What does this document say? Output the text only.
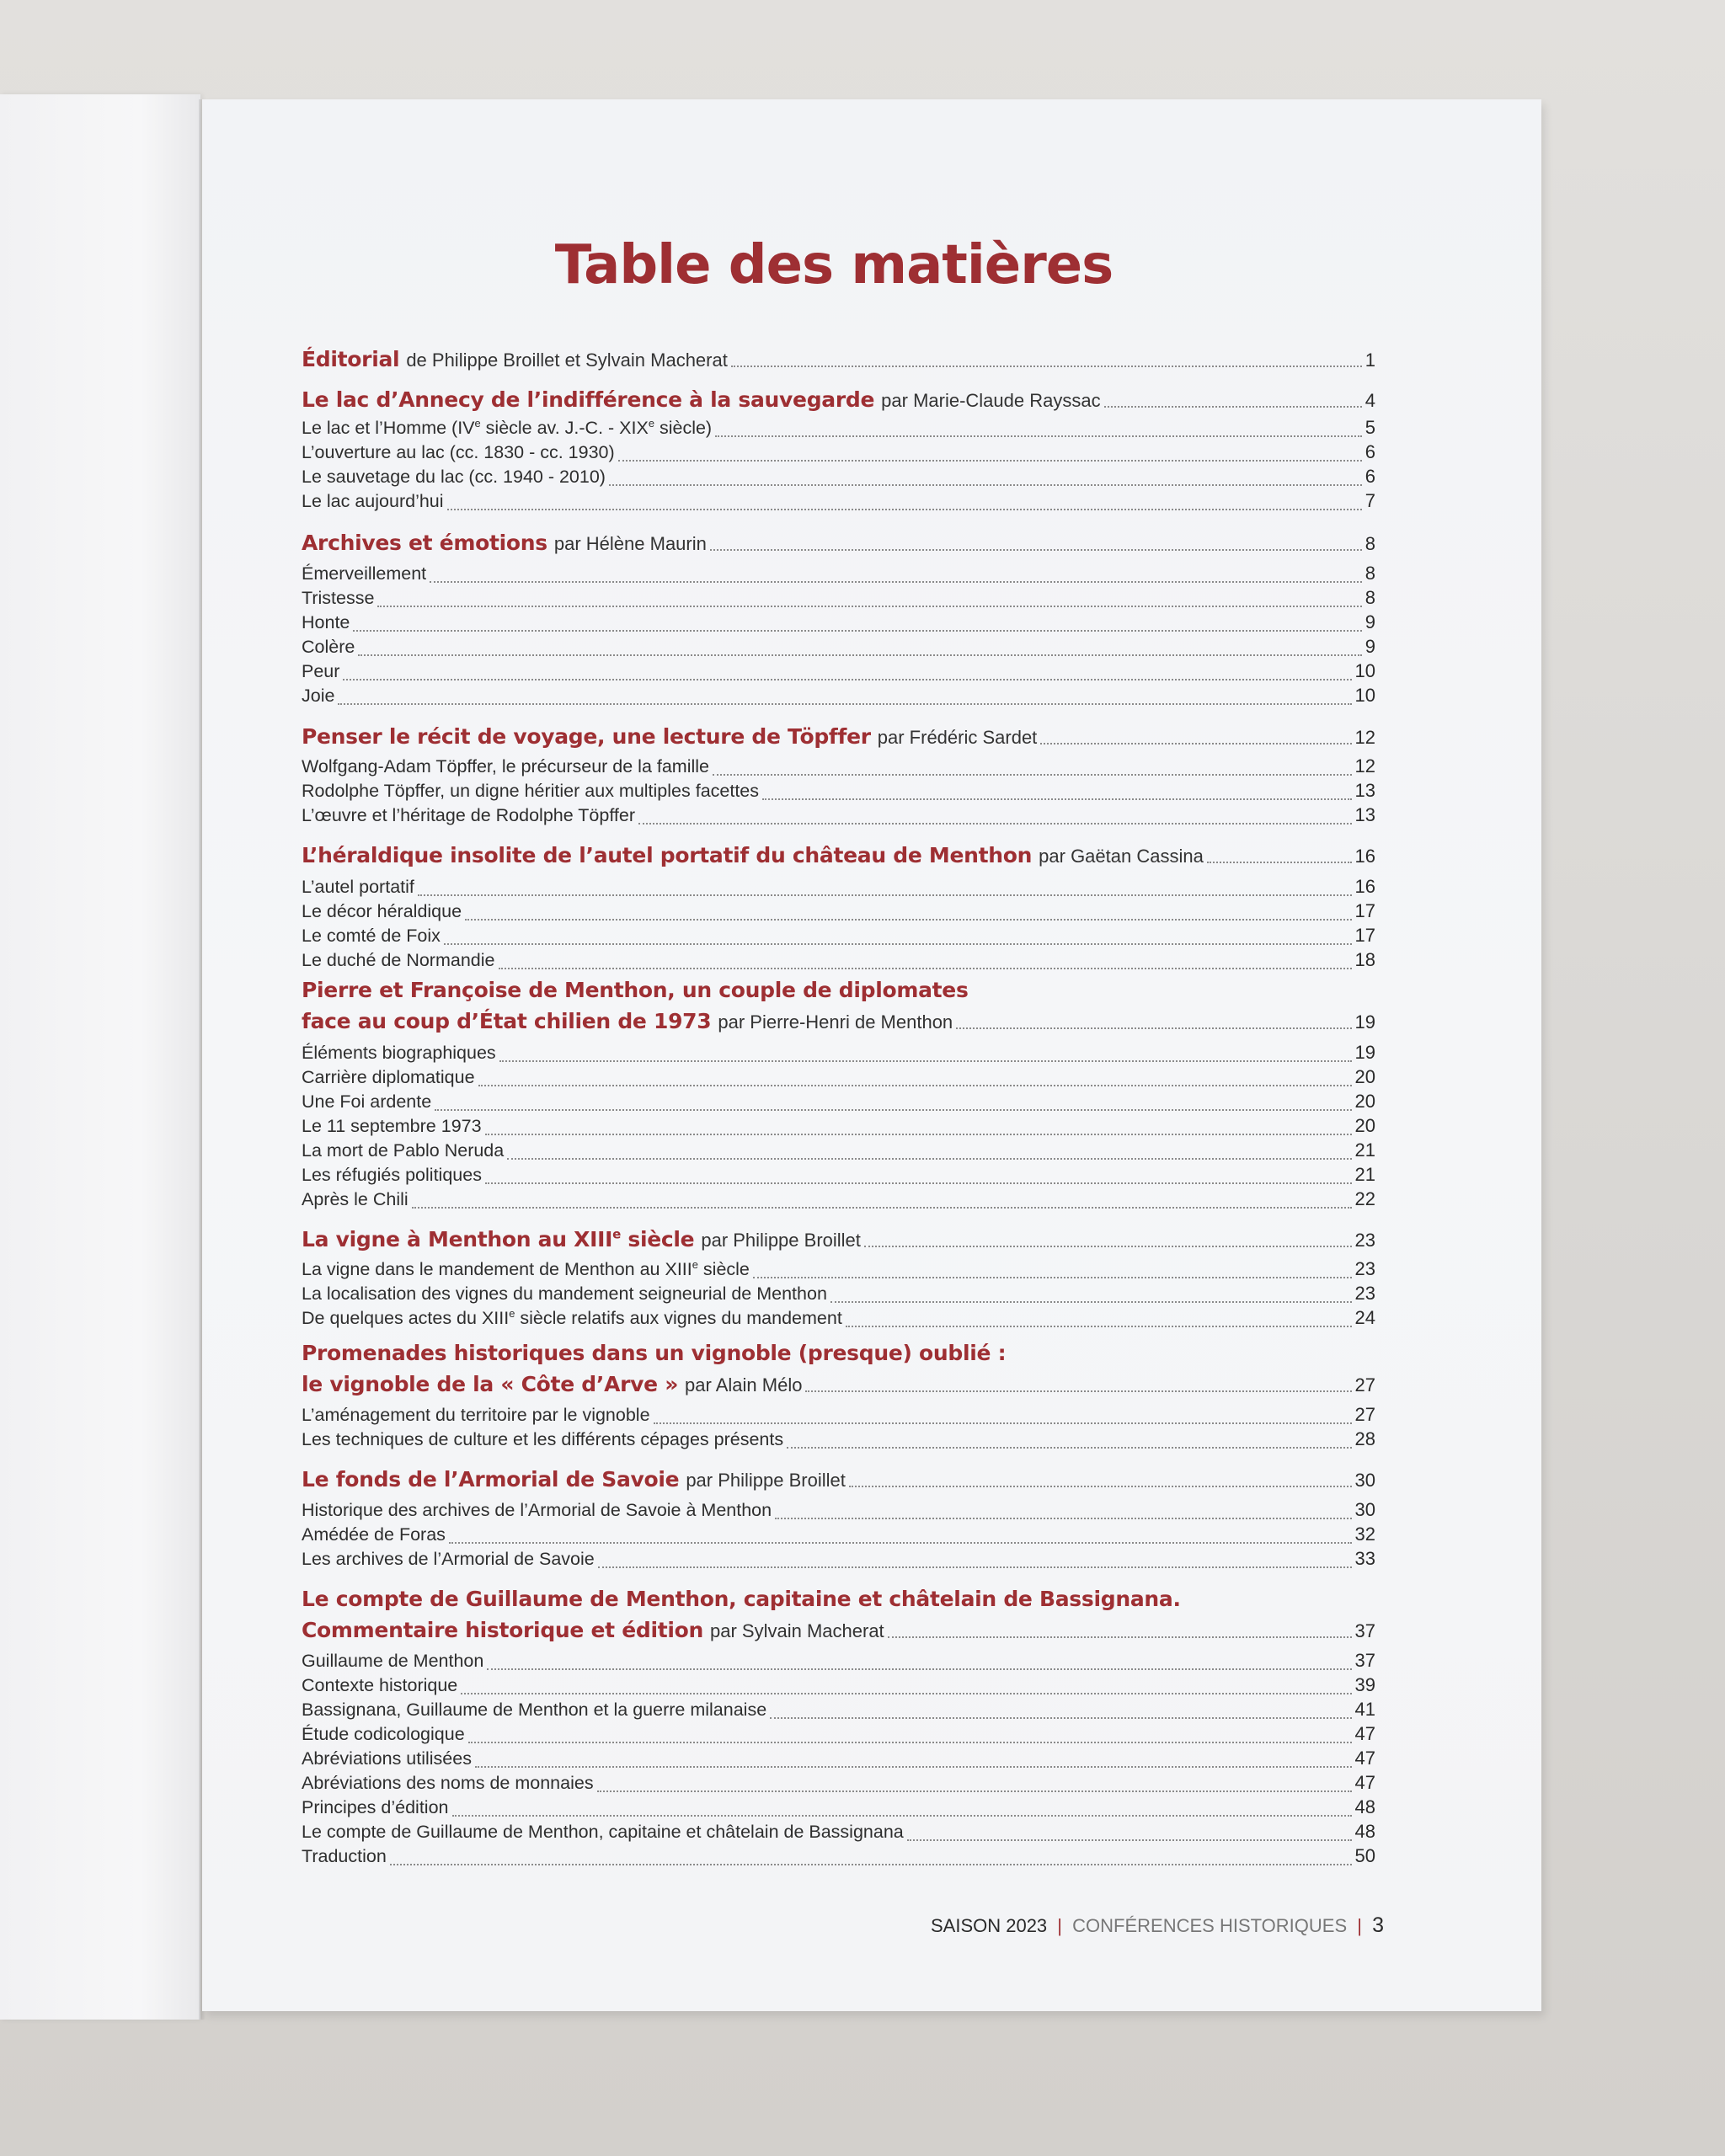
Table des matières
Éditorial de Philippe Broillet et Sylvain Macherat	1
Le lac d’Annecy de l’indifférence à la sauvegarde par Marie-Claude Rayssac	4
Le lac et l’Homme (IVe siècle av. J.-C. - XIXe siècle)	5
L’ouverture au lac (cc. 1830 - cc. 1930)	6
Le sauvetage du lac (cc. 1940 - 2010)	6
Le lac aujourd’hui	7
Archives et émotions par Hélène Maurin	8
Émerveillement	8
Tristesse	8
Honte	9
Colère	9
Peur	10
Joie	10
Penser le récit de voyage, une lecture de Töpffer par Frédéric Sardet	12
Wolfgang-Adam Töpffer, le précurseur de la famille	12
Rodolphe Töpffer, un digne héritier aux multiples facettes	13
L’œuvre et l’héritage de Rodolphe Töpffer	13
L’héraldique insolite de l’autel portatif du château de Menthon par Gaëtan Cassina	16
L’autel portatif	16
Le décor héraldique	17
Le comté de Foix	17
Le duché de Normandie	18
Pierre et Françoise de Menthon, un couple de diplomates
face au coup d’État chilien de 1973 par Pierre-Henri de Menthon	19
Éléments biographiques	19
Carrière diplomatique	20
Une Foi ardente	20
Le 11 septembre 1973	20
La mort de Pablo Neruda	21
Les réfugiés politiques	21
Après le Chili	22
La vigne à Menthon au XIIIe siècle par Philippe Broillet	23
La vigne dans le mandement de Menthon au XIIIe siècle	23
La localisation des vignes du mandement seigneurial de Menthon	23
De quelques actes du XIIIe siècle relatifs aux vignes du mandement	24
Promenades historiques dans un vignoble (presque) oublié :
le vignoble de la « Côte d’Arve » par Alain Mélo	27
L’aménagement du territoire par le vignoble	27
Les techniques de culture et les différents cépages présents	28
Le fonds de l’Armorial de Savoie par Philippe Broillet	30
Historique des archives de l’Armorial de Savoie à Menthon	30
Amédée de Foras	32
Les archives de l’Armorial de Savoie	33
Le compte de Guillaume de Menthon, capitaine et châtelain de Bassignana.
Commentaire historique et édition par Sylvain Macherat	37
Guillaume de Menthon	37
Contexte historique	39
Bassignana, Guillaume de Menthon et la guerre milanaise	41
Étude codicologique	47
Abréviations utilisées	47
Abréviations des noms de monnaies	47
Principes d’édition	48
Le compte de Guillaume de Menthon, capitaine et châtelain de Bassignana	48
Traduction	50
SAISON 2023 | CONFÉRENCES HISTORIQUES | 3
